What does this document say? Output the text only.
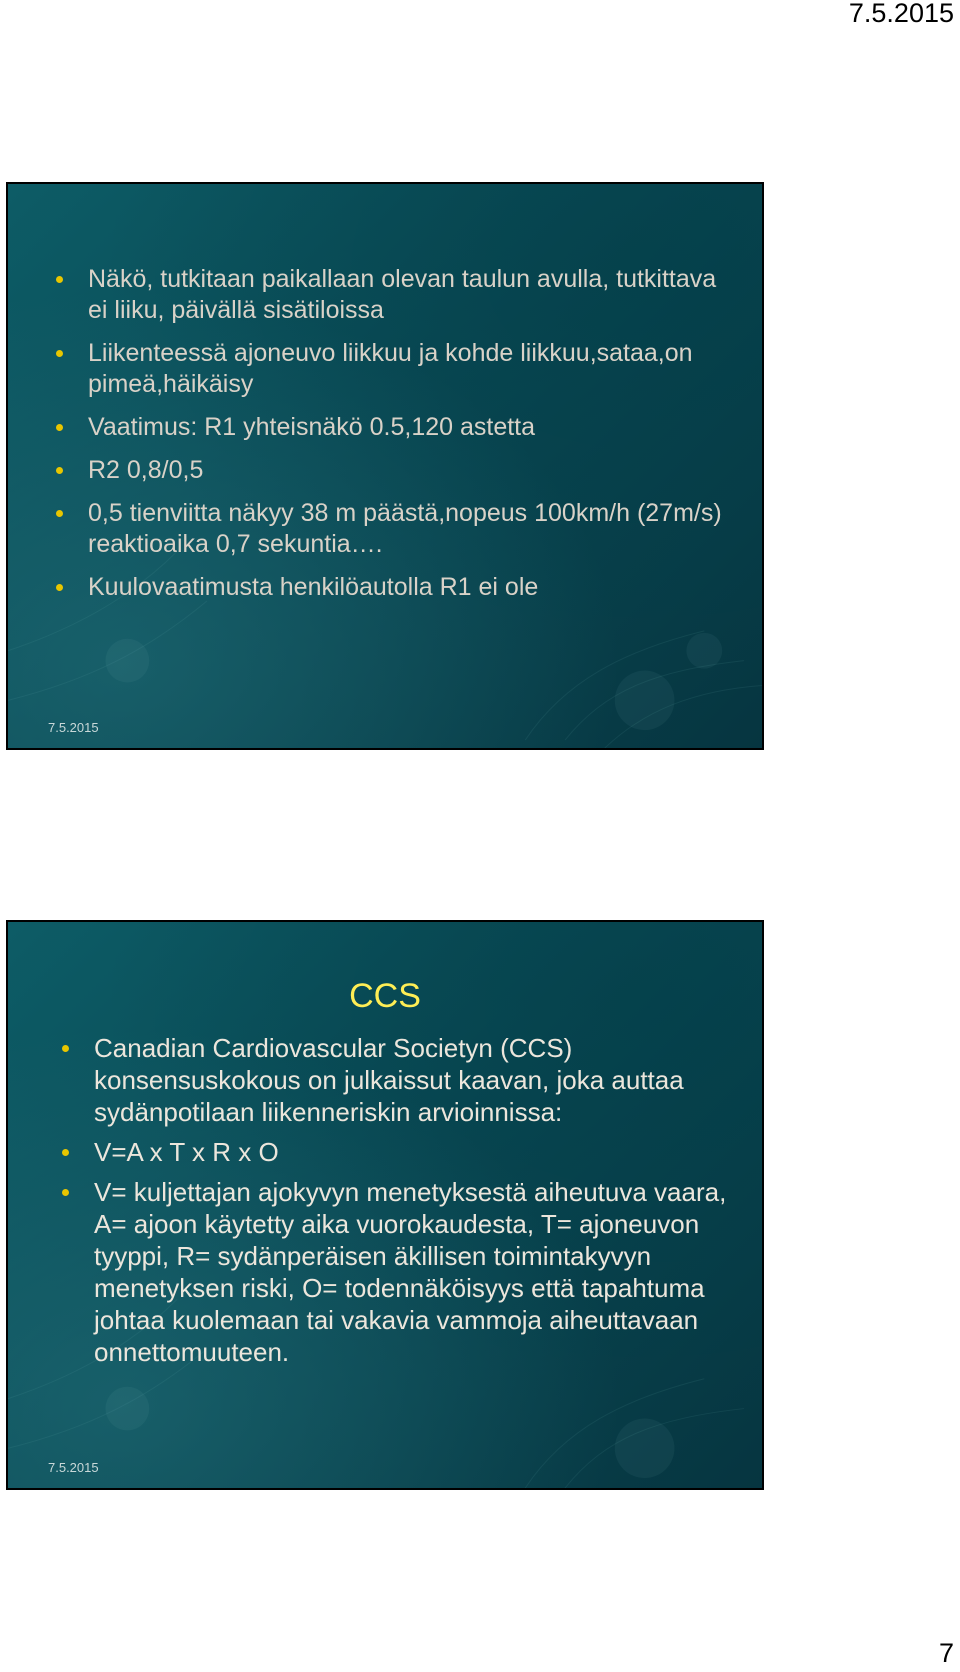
7.5.2015
Näkö, tutkitaan paikallaan olevan taulun avulla, tutkittava ei liiku, päivällä sisätiloissa
Liikenteessä ajoneuvo liikkuu ja kohde liikkuu,sataa,on pimeä,häikäisy
Vaatimus: R1 yhteisnäkö 0.5,120 astetta
R2 0,8/0,5
0,5 tienviitta näkyy 38 m päästä,nopeus 100km/h (27m/s) reaktioaika 0,7 sekuntia….
Kuulovaatimusta henkilöautolla R1 ei ole
7.5.2015
CCS
Canadian Cardiovascular Societyn (CCS) konsensuskokous on julkaissut kaavan, joka auttaa sydänpotilaan liikenneriskin arvioinnissa:
V=A x T x R x O
V= kuljettajan ajokyvyn menetyksestä aiheutuva vaara, A= ajoon käytetty aika vuorokaudesta, T= ajoneuvon tyyppi, R= sydänperäisen äkillisen toimintakyvyn menetyksen riski, O= todennäköisyys että tapahtuma johtaa kuolemaan tai vakavia vammoja aiheuttavaan onnettomuuteen.
7.5.2015
7
